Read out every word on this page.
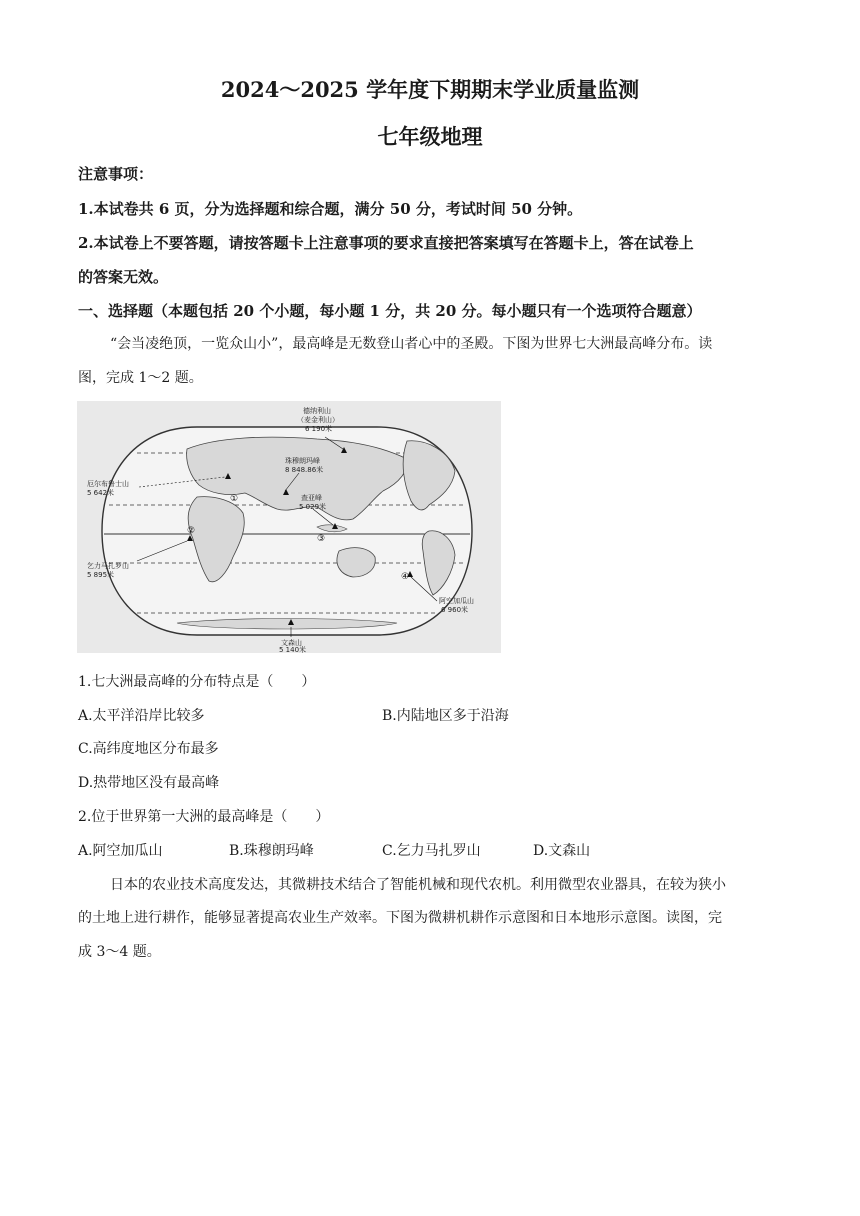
2024～2025 学年度下期期末学业质量监测
七年级地理
注意事项：
1.本试卷共 6 页，分为选择题和综合题，满分 50 分，考试时间 50 分钟。
2.本试卷上不要答题，请按答题卡上注意事项的要求直接把答案填写在答题卡上，答在试卷上
的答案无效。
一、选择题（本题包括 20 个小题，每小题 1 分，共 20 分。每小题只有一个选项符合题意）
“会当凌绝顶，一览众山小”，最高峰是无数登山者心中的圣殿。下图为世界七大洲最高峰分布。读
图，完成 1～2 题。
①
②
③
④
德纳利山
（麦金利山）
6 190米
厄尔布鲁士山
5 642米
珠穆朗玛峰
8 848.86米
查亚峰
5 029米
乞力马扎罗山
5 895米
阿空加瓜山
6 960米
文森山
5 140米
1.七大洲最高峰的分布特点是（　　）
A.太平洋沿岸比较多	B.内陆地区多于沿海
C.高纬度地区分布最多
D.热带地区没有最高峰
2.位于世界第一大洲的最高峰是（　　）
A.阿空加瓜山	B.珠穆朗玛峰	C.乞力马扎罗山	D.文森山
日本的农业技术高度发达，其微耕技术结合了智能机械和现代农机。利用微型农业器具，在较为狭小
的土地上进行耕作，能够显著提高农业生产效率。下图为微耕机耕作示意图和日本地形示意图。读图，完
成 3～4 题。
